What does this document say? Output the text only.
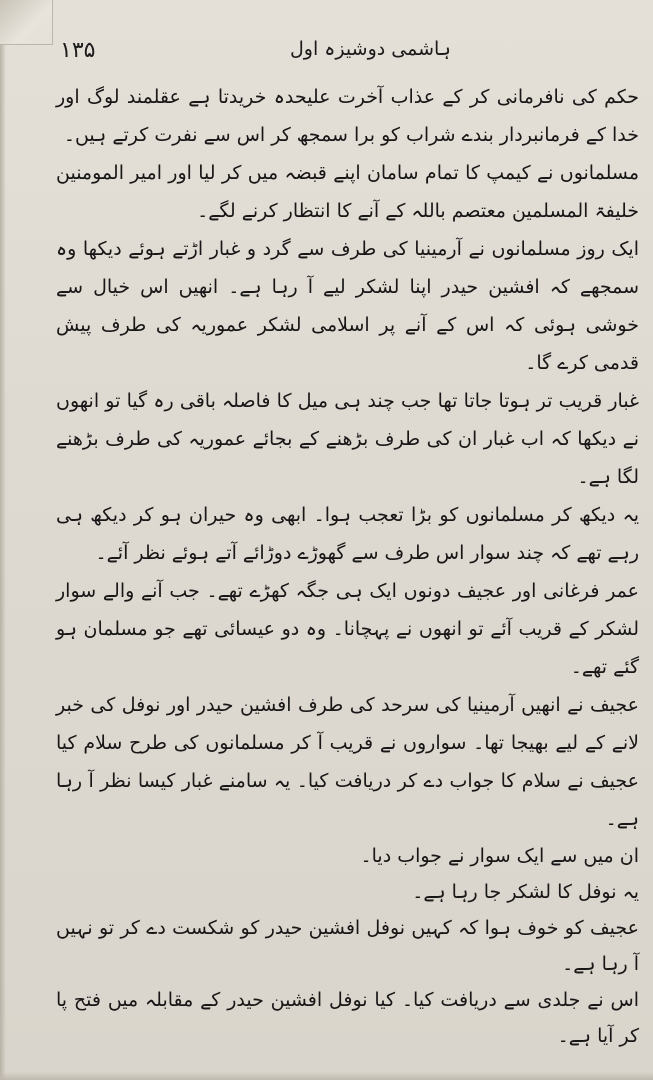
۱۳۵	ہاشمی دوشیزہ اول

حکم کی نافرمانی کر کے عذاب آخرت علیحدہ خریدتا ہے عقلمند لوگ اور خدا کے فرمانبردار بندے شراب کو برا سمجھ کر اس سے نفرت کرتے ہیں۔

مسلمانوں نے کیمپ کا تمام سامان اپنے قبضہ میں کر لیا اور امیر المومنین خلیفۃ المسلمین معتصم باللہ کے آنے کا انتظار کرنے لگے۔

ایک روز مسلمانوں نے آرمینیا کی طرف سے گرد و غبار اڑتے ہوئے دیکھا وہ سمجھے کہ افشین حیدر اپنا لشکر لیے آ رہا ہے۔ انھیں اس خیال سے خوشی ہوئی کہ اس کے آنے پر اسلامی لشکر عموریہ کی طرف پیش قدمی کرے گا۔

غبار قریب تر ہوتا جاتا تھا جب چند ہی میل کا فاصلہ باقی رہ گیا تو انھوں نے دیکھا کہ اب غبار ان کی طرف بڑھنے کے بجائے عموریہ کی طرف بڑھنے لگا ہے۔

یہ دیکھ کر مسلمانوں کو بڑا تعجب ہوا۔ ابھی وہ حیران ہو کر دیکھ ہی رہے تھے کہ چند سوار اس طرف سے گھوڑے دوڑائے آتے ہوئے نظر آئے۔

عمر فرغانی اور عجیف دونوں ایک ہی جگہ کھڑے تھے۔ جب آنے والے سوار لشکر کے قریب آئے تو انھوں نے پہچانا۔ وہ دو عیسائی تھے جو مسلمان ہو گئے تھے۔

عجیف نے انھیں آرمینیا کی سرحد کی طرف افشین حیدر اور نوفل کی خبر لانے کے لیے بھیجا تھا۔ سواروں نے قریب آ کر مسلمانوں کی طرح سلام کیا عجیف نے سلام کا جواب دے کر دریافت کیا۔ یہ سامنے غبار کیسا نظر آ رہا ہے۔

ان میں سے ایک سوار نے جواب دیا۔

یہ نوفل کا لشکر جا رہا ہے۔

عجیف کو خوف ہوا کہ کہیں نوفل افشین حیدر کو شکست دے کر تو نہیں آ رہا ہے۔

اس نے جلدی سے دریافت کیا۔ کیا نوفل افشین حیدر کے مقابلہ میں فتح پا کر آیا ہے۔
